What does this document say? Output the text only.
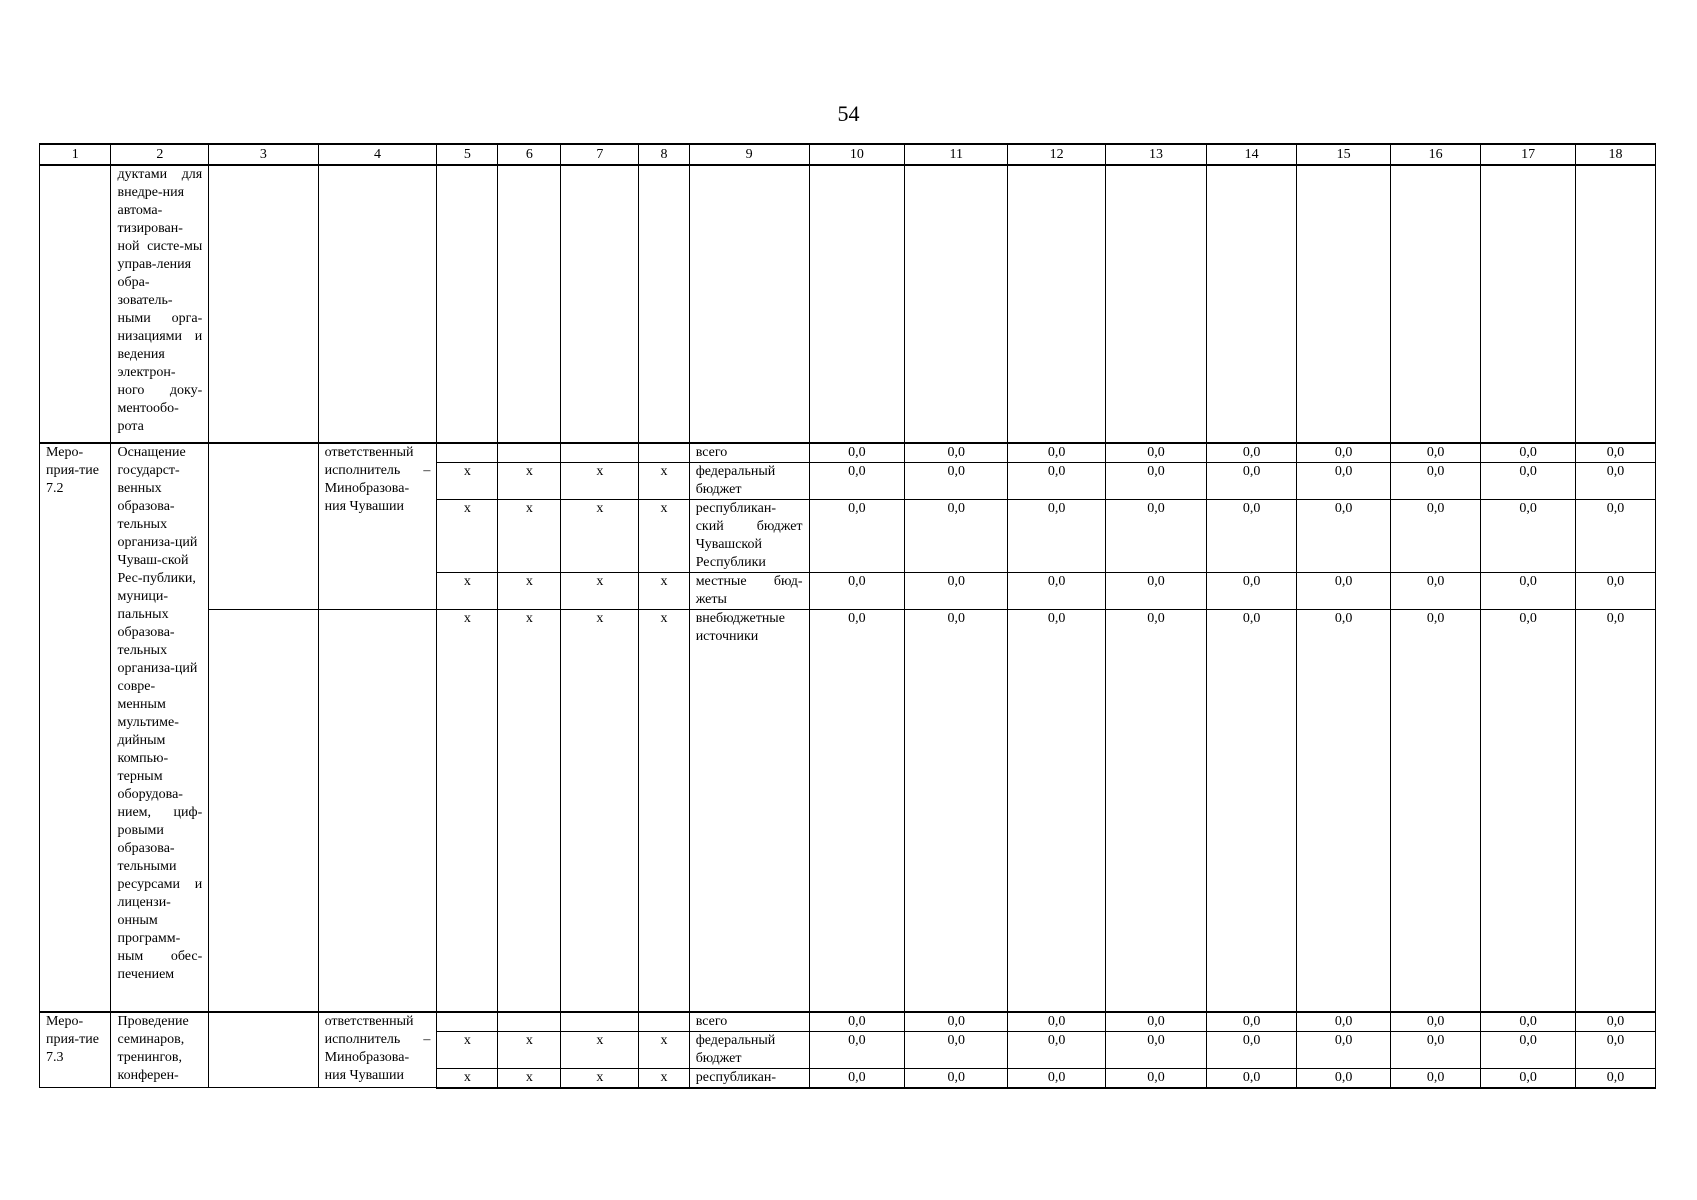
54
1	2	3	4	5	6	7	8	9	10	11	12	13	14	15	16	17	18
	дуктами для внедре-ния автома-тизирован-ной систе-мы управ-ления обра-зователь-ными орга-низациями и ведения электрон-ного доку-ментообо-рота																
Меро-прия-тие 7.2	Оснащение государст-венных образова-тельных организа-ций Чуваш-ской Рес-публики, муници-пальных образова-тельных организа-ций совре-менным мультиме-дийным компью-терным оборудова-нием, циф-ровыми образова-тельными ресурсами и лицензи-онным программ-ным обес-печением		ответственный исполнитель – Минобразова-ния Чувашии					всего	0,0	0,0	0,0	0,0	0,0	0,0	0,0	0,0	0,0
				x	x	x	x	федеральный бюджет	0,0	0,0	0,0	0,0	0,0	0,0	0,0	0,0	0,0
				x	x	x	x	республикан-ский бюджет Чувашской Республики	0,0	0,0	0,0	0,0	0,0	0,0	0,0	0,0	0,0
				x	x	x	x	местные бюд-жеты	0,0	0,0	0,0	0,0	0,0	0,0	0,0	0,0	0,0
				x	x	x	x	внебюджетные источники	0,0	0,0	0,0	0,0	0,0	0,0	0,0	0,0	0,0
Меро-прия-тие 7.3	Проведение семинаров, тренингов, конферен-		ответственный исполнитель – Минобразова-ния Чувашии					всего	0,0	0,0	0,0	0,0	0,0	0,0	0,0	0,0	0,0
				x	x	x	x	федеральный бюджет	0,0	0,0	0,0	0,0	0,0	0,0	0,0	0,0	0,0
				x	x	x	x	республикан-	0,0	0,0	0,0	0,0	0,0	0,0	0,0	0,0	0,0
